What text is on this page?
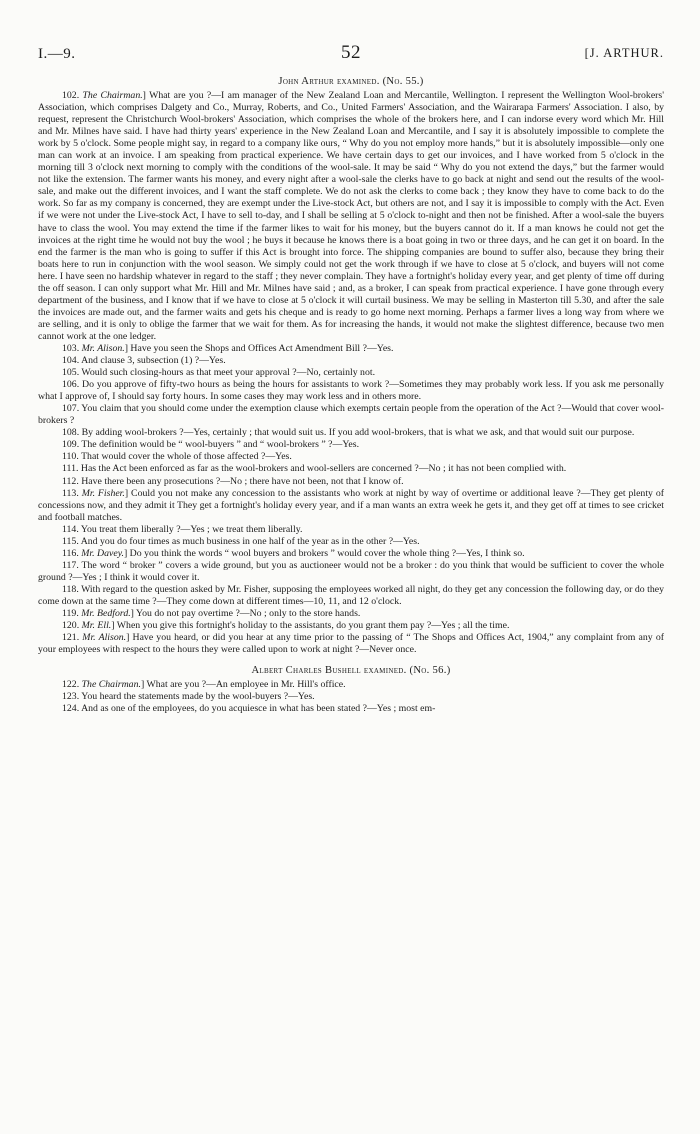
I.—9.	52	[J. ARTHUR.
John Arthur examined. (No. 55.)

102. The Chairman.] What are you ?—I am manager of the New Zealand Loan and Mercantile, Wellington. I represent the Wellington Wool-brokers' Association, which comprises Dalgety and Co., Murray, Roberts, and Co., United Farmers' Association, and the Wairarapa Farmers' Association. I also, by request, represent the Christchurch Wool-brokers' Association, which comprises the whole of the brokers here, and I can indorse every word which Mr. Hill and Mr. Milnes have said. I have had thirty years' experience in the New Zealand Loan and Mercantile, and I say it is absolutely impossible to complete the work by 5 o'clock. Some people might say, in regard to a company like ours, “ Why do you not employ more hands,” but it is absolutely impossible—only one man can work at an invoice. I am speaking from practical experience. We have certain days to get our invoices, and I have worked from 5 o'clock in the morning till 3 o'clock next morning to comply with the conditions of the wool-sale. It may be said “ Why do you not extend the days,” but the farmer would not like the extension. The farmer wants his money, and every night after a wool-sale the clerks have to go back at night and send out the results of the wool-sale, and make out the different invoices, and I want the staff complete. We do not ask the clerks to come back ; they know they have to come back to do the work. So far as my company is concerned, they are exempt under the Live-stock Act, but others are not, and I say it is impossible to comply with the Act. Even if we were not under the Live-stock Act, I have to sell to-day, and I shall be selling at 5 o'clock to-night and then not be finished. After a wool-sale the buyers have to class the wool. You may extend the time if the farmer likes to wait for his money, but the buyers cannot do it. If a man knows he could not get the invoices at the right time he would not buy the wool ; he buys it because he knows there is a boat going in two or three days, and he can get it on board. In the end the farmer is the man who is going to suffer if this Act is brought into force. The shipping companies are bound to suffer also, because they bring their boats here to run in conjunction with the wool season. We simply could not get the work through if we have to close at 5 o'clock, and buyers will not come here. I have seen no hardship whatever in regard to the staff ; they never complain. They have a fortnight's holiday every year, and get plenty of time off during the off season. I can only support what Mr. Hill and Mr. Milnes have said ; and, as a broker, I can speak from practical experience. I have gone through every department of the business, and I know that if we have to close at 5 o'clock it will curtail business. We may be selling in Masterton till 5.30, and after the sale the invoices are made out, and the farmer waits and gets his cheque and is ready to go home next morning. Perhaps a farmer lives a long way from where we are selling, and it is only to oblige the farmer that we wait for them. As for increasing the hands, it would not make the slightest difference, because two men cannot work at the one ledger.

103. Mr. Alison.] Have you seen the Shops and Offices Act Amendment Bill ?—Yes.

104. And clause 3, subsection (1) ?—Yes.

105. Would such closing-hours as that meet your approval ?—No, certainly not.

106. Do you approve of fifty-two hours as being the hours for assistants to work ?—Sometimes they may probably work less. If you ask me personally what I approve of, I should say forty hours. In some cases they may work less and in others more.

107. You claim that you should come under the exemption clause which exempts certain people from the operation of the Act ?—Would that cover wool-brokers ?

108. By adding wool-brokers ?—Yes, certainly ; that would suit us. If you add wool-brokers, that is what we ask, and that would suit our purpose.

109. The definition would be “ wool-buyers ” and “ wool-brokers ” ?—Yes.

110. That would cover the whole of those affected ?—Yes.

111. Has the Act been enforced as far as the wool-brokers and wool-sellers are concerned ?—No ; it has not been complied with.

112. Have there been any prosecutions ?—No ; there have not been, not that I know of.

113. Mr. Fisher.] Could you not make any concession to the assistants who work at night by way of overtime or additional leave ?—They get plenty of concessions now, and they admit it They get a fortnight's holiday every year, and if a man wants an extra week he gets it, and they get off at times to see cricket and football matches.

114. You treat them liberally ?—Yes ; we treat them liberally.

115. And you do four times as much business in one half of the year as in the other ?—Yes.

116. Mr. Davey.] Do you think the words “ wool buyers and brokers ” would cover the whole thing ?—Yes, I think so.

117. The word “ broker ” covers a wide ground, but you as auctioneer would not be a broker : do you think that would be sufficient to cover the whole ground ?—Yes ; I think it would cover it.

118. With regard to the question asked by Mr. Fisher, supposing the employees worked all night, do they get any concession the following day, or do they come down at the same time ?—They come down at different times—10, 11, and 12 o'clock.

119. Mr. Bedford.] You do not pay overtime ?—No ; only to the store hands.

120. Mr. Ell.] When you give this fortnight's holiday to the assistants, do you grant them pay ?—Yes ; all the time.

121. Mr. Alison.] Have you heard, or did you hear at any time prior to the passing of “ The Shops and Offices Act, 1904,” any complaint from any of your employees with respect to the hours they were called upon to work at night ?—Never once.

Albert Charles Bushell examined. (No. 56.)

122. The Chairman.] What are you ?—An employee in Mr. Hill's office.

123. You heard the statements made by the wool-buyers ?—Yes.

124. And as one of the employees, do you acquiesce in what has been stated ?—Yes ; most em-
